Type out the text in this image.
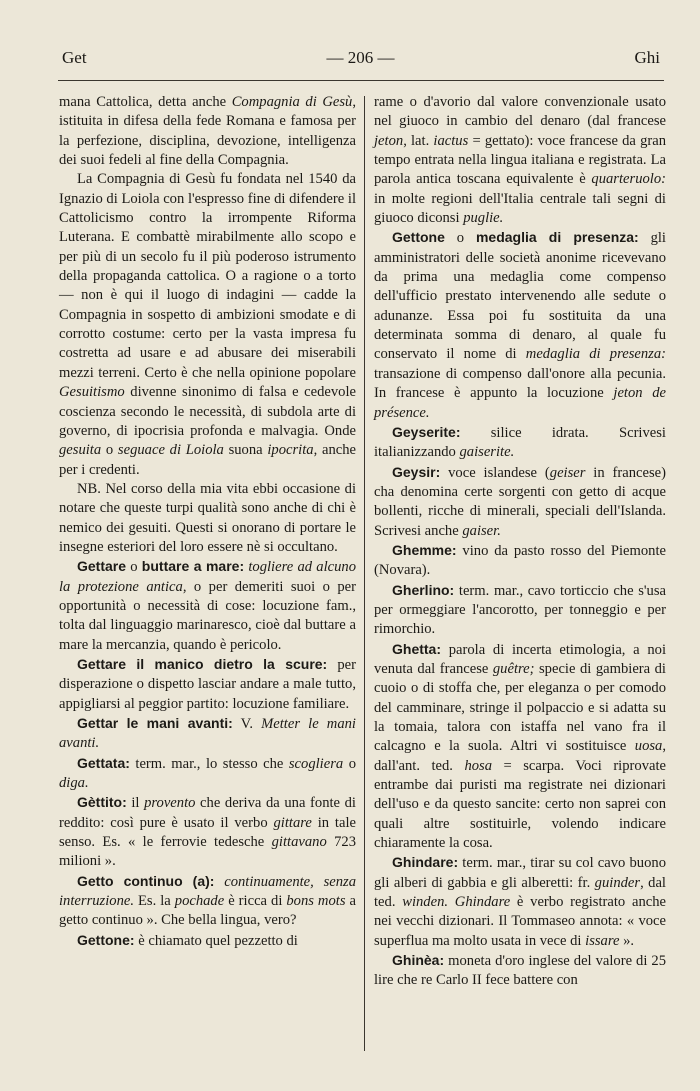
Get	— 206 —	Ghi

mana Cattolica, detta anche Compagnia di Gesù, istituita in difesa della fede Romana e famosa per la perfezione, disciplina, devozione, intelligenza dei suoi fedeli al fine della Compagnia.

La Compagnia di Gesù fu fondata nel 1540 da Ignazio di Loiola con l'espresso fine di difendere il Cattolicismo contro la irrompente Riforma Luterana. E combattè mirabilmente allo scopo e per più di un secolo fu il più poderoso istrumento della propaganda cattolica. O a ragione o a torto — non è qui il luogo di indagini — cadde la Compagnia in sospetto di ambizioni smodate e di corrotto costume: certo per la vasta impresa fu costretta ad usare e ad abusare dei miserabili mezzi terreni. Certo è che nella opinione popolare Gesuitismo divenne sinonimo di falsa e cedevole coscienza secondo le necessità, di subdola arte di governo, di ipocrisia profonda e malvagia. Onde gesuita o seguace di Loiola suona ipocrita, anche per i credenti.

NB. Nel corso della mia vita ebbi occasione di notare che queste turpi qualità sono anche di chi è nemico dei gesuiti. Questi si onorano di portare le insegne esteriori del loro essere nè si occultano.

Gettare o buttare a mare: togliere ad alcuno la protezione antica, o per demeriti suoi o per opportunità o necessità di cose: locuzione fam., tolta dal linguaggio marinaresco, cioè dal buttare a mare la mercanzia, quando è pericolo.

Gettare il manico dietro la scure: per disperazione o dispetto lasciar andare a male tutto, appigliarsi al peggior partito: locuzione familiare.

Gettar le mani avanti: V. Metter le mani avanti.

Gettata: term. mar., lo stesso che scogliera o diga.

Gèttito: il provento che deriva da una fonte di reddito: così pure è usato il verbo gittare in tale senso. Es. « le ferrovie tedesche gittavano 723 milioni ».

Getto continuo (a): continuamente, senza interruzione. Es. la pochade è ricca di bons mots a getto continuo ». Che bella lingua, vero?

Gettone: è chiamato quel pezzetto di

rame o d'avorio dal valore convenzionale usato nel giuoco in cambio del denaro (dal francese jeton, lat. iactus = gettato): voce francese da gran tempo entrata nella lingua italiana e registrata. La parola antica toscana equivalente è quarteruolo: in molte regioni dell'Italia centrale tali segni di giuoco diconsi puglie.

Gettone o medaglia di presenza: gli amministratori delle società anonime ricevevano da prima una medaglia come compenso dell'ufficio prestato intervenendo alle sedute o adunanze. Essa poi fu sostituita da una determinata somma di denaro, al quale fu conservato il nome di medaglia di presenza: transazione di compenso dall'onore alla pecunia. In francese è appunto la locuzione jeton de présence.

Geyserite: silice idrata. Scrivesi italianizzando gaiserite.

Geysir: voce islandese (geiser in francese) cha denomina certe sorgenti con getto di acque bollenti, ricche di minerali, speciali dell'Islanda. Scrivesi anche gaiser.

Ghemme: vino da pasto rosso del Piemonte (Novara).

Gherlino: term. mar., cavo torticcio che s'usa per ormeggiare l'ancorotto, per tonneggio e per rimorchio.

Ghetta: parola di incerta etimologia, a noi venuta dal francese guêtre; specie di gambiera di cuoio o di stoffa che, per eleganza o per comodo del camminare, stringe il polpaccio e si adatta su la tomaia, talora con istaffa nel vano fra il calcagno e la suola. Altri vi sostituisce uosa, dall'ant. ted. hosa = scarpa. Voci riprovate entrambe dai puristi ma registrate nei dizionari dell'uso e da questo sancite: certo non saprei con quali altre sostituirle, volendo indicare chiaramente la cosa.

Ghindare: term. mar., tirar su col cavo buono gli alberi di gabbia e gli alberetti: fr. guinder, dal ted. winden. Ghindare è verbo registrato anche nei vecchi dizionari. Il Tommaseo annota: « voce superflua ma molto usata in vece di issare ».

Ghinèa: moneta d'oro inglese del valore di 25 lire che re Carlo II fece battere con
